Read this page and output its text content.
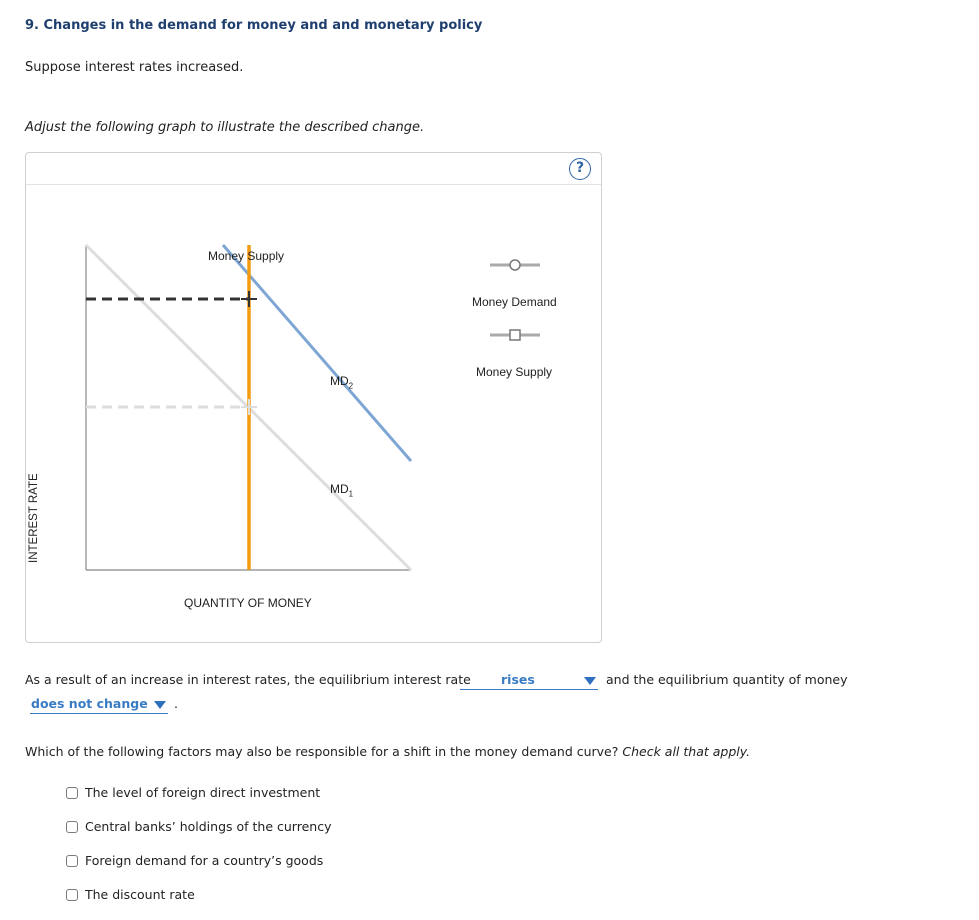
9. Changes in the demand for money and and monetary policy
Suppose interest rates increased.
Adjust the following graph to illustrate the described change.
?
INTEREST RATE
QUANTITY OF MONEY
Money Supply
$MD_2$
$MD_1$
Money Demand
Money Supply
As a result of an increase in interest rates, the equilibrium interest rate rises	and the equilibrium quantity of money
does not change .
Which of the following factors may also be responsible for a shift in the money demand curve? Check all that apply.
The level of foreign direct investment
Central banks’ holdings of the currency
Foreign demand for a country’s goods
The discount rate
